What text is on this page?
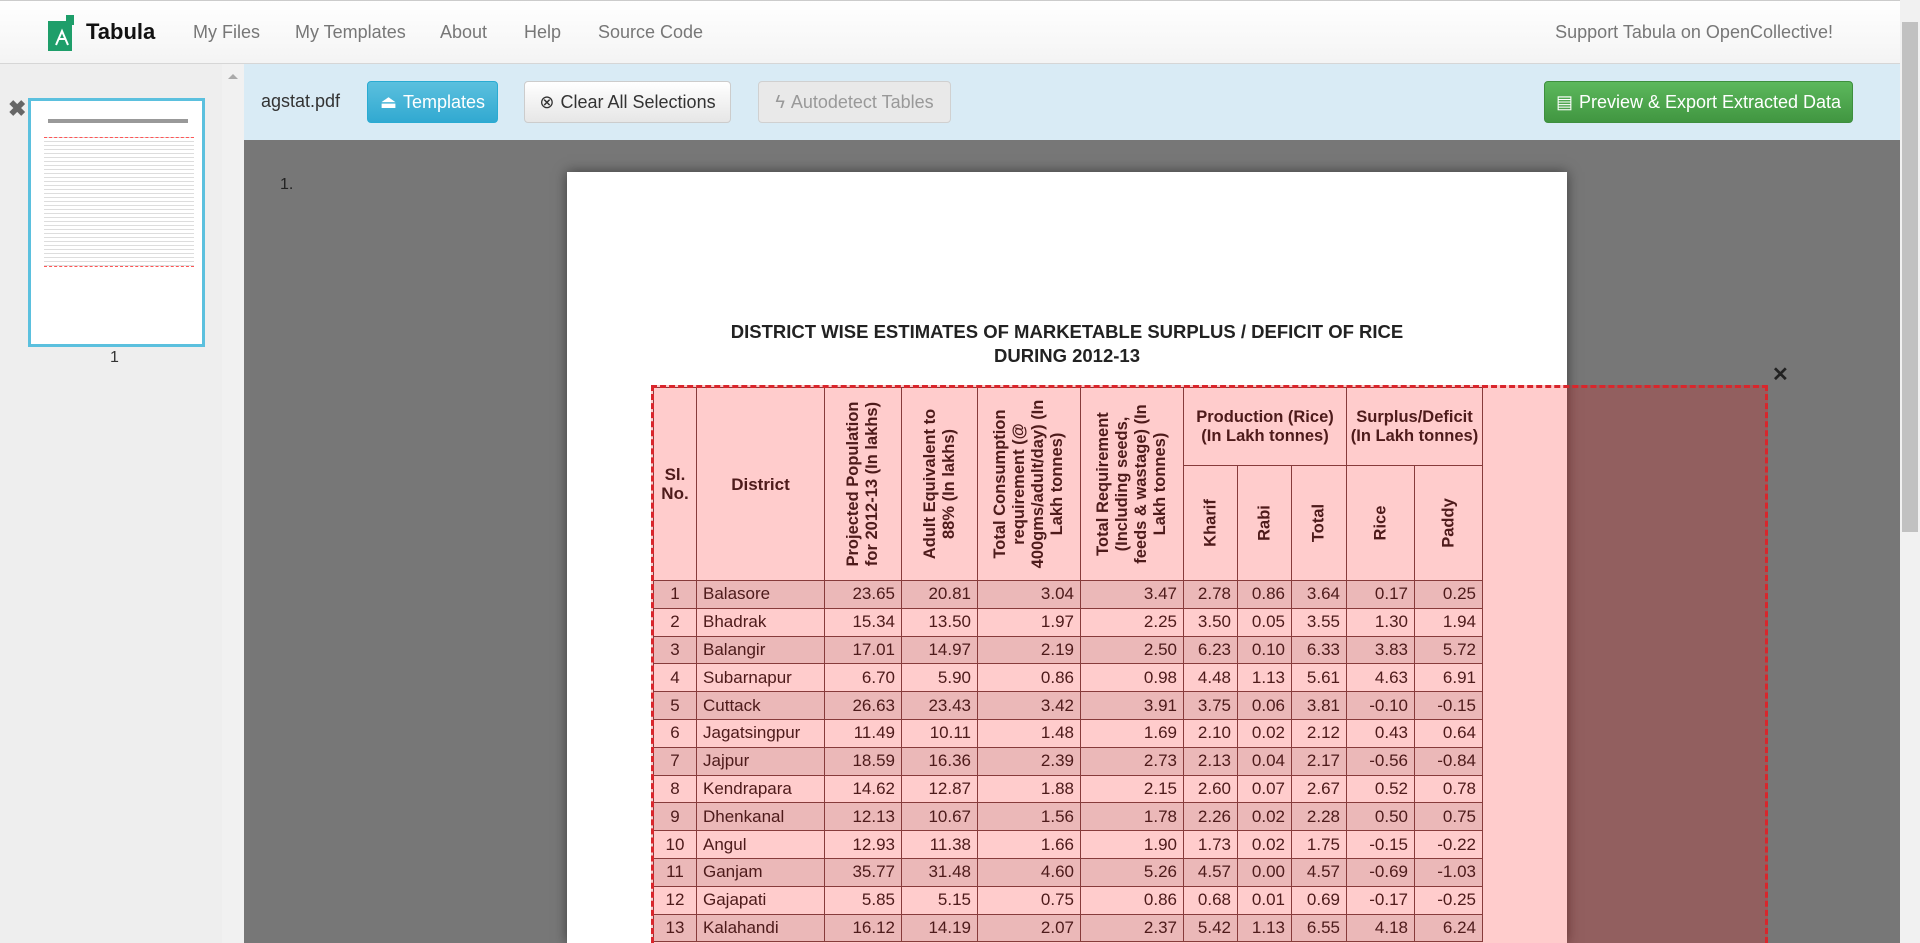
Tabula My Files My Templates About Help Source Code	Support Tabula on OpenCollective!
✖
1
agstat.pdf ⏏ Templates	⊗ Clear All Selections	ϟ Autodetect Tables	▤ Preview & Export Extracted Data
1.
DISTRICT WISE ESTIMATES OF MARKETABLE SURPLUS / DEFICIT OF RICE
DURING 2012-13
Sl. No.	District	Projected Population for 2012-13 (In lakhs)	Adult Equivalent to 88% (In lakhs)	Total Consumption requirement (@ 400gms/adult/day) (In Lakh tonnes)	Total Requirement (Including seeds, feeds & wastage) (In Lakh tonnes)	Production (Rice) (In Lakh tonnes)			Surplus/Deficit (In Lakh tonnes)	

						Kharif	Rabi	Total	Rice	Paddy

1	Balasore	23.65	20.81	3.04	3.47	2.78	0.86	3.64	0.17	0.25
2	Bhadrak	15.34	13.50	1.97	2.25	3.50	0.05	3.55	1.30	1.94
3	Balangir	17.01	14.97	2.19	2.50	6.23	0.10	6.33	3.83	5.72
4	Subarnapur	6.70	5.90	0.86	0.98	4.48	1.13	5.61	4.63	6.91
5	Cuttack	26.63	23.43	3.42	3.91	3.75	0.06	3.81	-0.10	-0.15
6	Jagatsingpur	11.49	10.11	1.48	1.69	2.10	0.02	2.12	0.43	0.64
7	Jajpur	18.59	16.36	2.39	2.73	2.13	0.04	2.17	-0.56	-0.84
8	Kendrapara	14.62	12.87	1.88	2.15	2.60	0.07	2.67	0.52	0.78
9	Dhenkanal	12.13	10.67	1.56	1.78	2.26	0.02	2.28	0.50	0.75
10	Angul	12.93	11.38	1.66	1.90	1.73	0.02	1.75	-0.15	-0.22
11	Ganjam	35.77	31.48	4.60	5.26	4.57	0.00	4.57	-0.69	-1.03
12	Gajapati	5.85	5.15	0.75	0.86	0.68	0.01	0.69	-0.17	-0.25
13	Kalahandi	16.12	14.19	2.07	2.37	5.42	1.13	6.55	4.18	6.24
✕
